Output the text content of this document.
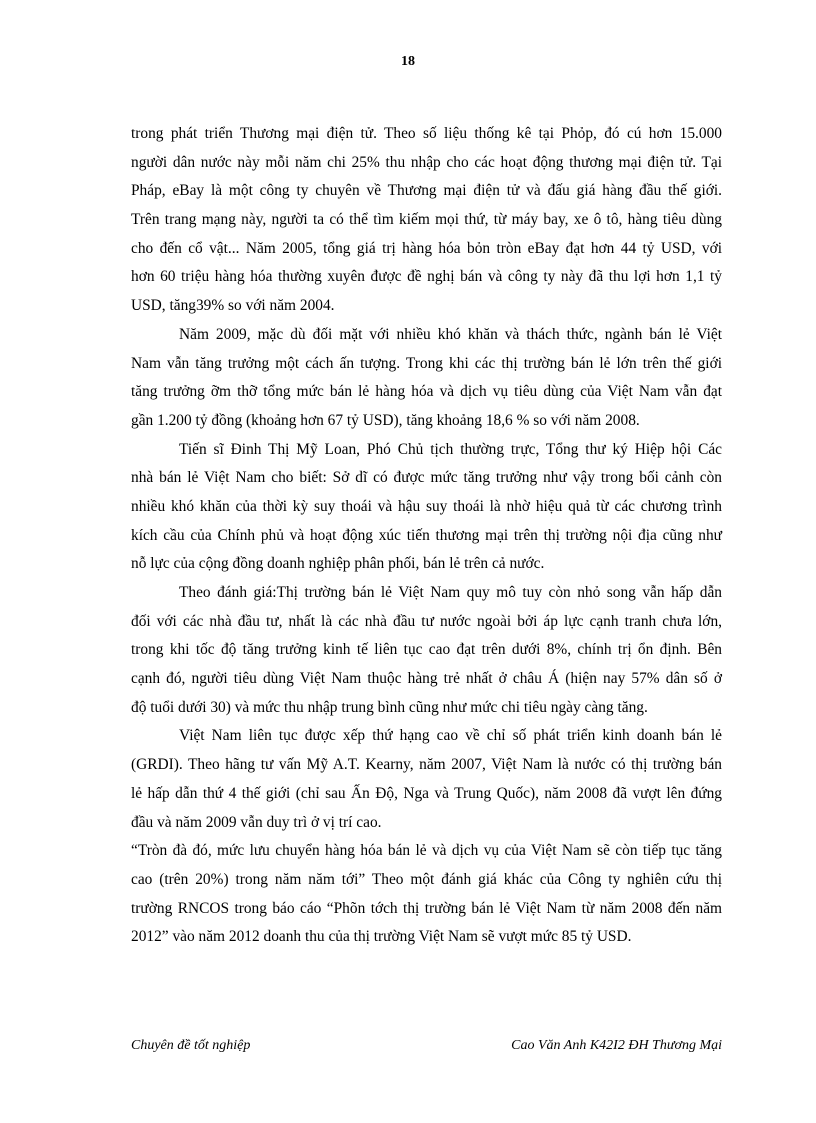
18
trong phát triển Thương mại điện tử. Theo số liệu thống kê tại Phỏp, đó cú hơn 15.000
người dân nước này mỗi năm chi 25% thu nhập cho các hoạt động thương mại điện tử. Tại
Pháp, eBay là một công ty chuyên về Thương mại điện tử và đấu giá hàng đầu thế giới.
Trên trang mạng này, người ta có thể tìm kiếm mọi thứ, từ máy bay, xe ô tô, hàng tiêu dùng
cho đến cổ vật... Năm 2005, tổng giá trị hàng hóa bỏn tròn eBay đạt hơn 44 tỷ USD, với
hơn 60 triệu hàng hóa thường xuyên được đề nghị bán và công ty này đã thu lợi hơn 1,1 tỷ
USD, tăng39% so với năm 2004.
Năm 2009, mặc dù đối mặt với nhiều khó khăn và thách thức, ngành bán lẻ Việt
Nam vẫn tăng trưởng một cách ấn tượng. Trong khi các thị trường bán lẻ lớn trên thế giới
tăng trưởng ỡm thỡ tổng mức bán lẻ hàng hóa và dịch vụ tiêu dùng của Việt Nam vẫn đạt
gần 1.200 tỷ đồng (khoảng hơn 67 tỷ USD), tăng khoảng 18,6 % so với năm 2008.
Tiến sĩ Đinh Thị Mỹ Loan, Phó Chủ tịch thường trực, Tổng thư ký Hiệp hội Các
nhà bán lẻ Việt Nam cho biết: Sở dĩ có được mức tăng trưởng như vậy trong bối cảnh còn
nhiều khó khăn của thời kỳ suy thoái và hậu suy thoái là nhờ hiệu quả từ các chương trình
kích cầu của Chính phủ và hoạt động xúc tiến thương mại trên thị trường nội địa cũng như
nỗ lực của cộng đồng doanh nghiệp phân phối, bán lẻ trên cả nước.
Theo đánh giá:Thị trường bán lẻ Việt Nam quy mô tuy còn nhỏ song vẫn hấp dẫn
đối với các nhà đầu tư, nhất là các nhà đầu tư nước ngoài bởi áp lực cạnh tranh chưa lớn,
trong khi tốc độ tăng trưởng kinh tế liên tục cao đạt trên dưới 8%, chính trị ổn định. Bên
cạnh đó, người tiêu dùng Việt Nam thuộc hàng trẻ nhất ở châu Á (hiện nay 57% dân số ở
độ tuổi dưới 30) và mức thu nhập trung bình cũng như mức chi tiêu ngày càng tăng.
Việt Nam liên tục được xếp thứ hạng cao về chỉ số phát triển kinh doanh bán lẻ
(GRDI). Theo hãng tư vấn Mỹ A.T. Kearny, năm 2007, Việt Nam là nước có thị trường bán
lẻ hấp dẫn thứ 4 thế giới (chỉ sau Ấn Độ, Nga và Trung Quốc), năm 2008 đã vượt lên đứng
đầu và năm 2009 vẫn duy trì ở vị trí cao.
“Tròn đà đó, mức lưu chuyển hàng hóa bán lẻ và dịch vụ của Việt Nam sẽ còn tiếp tục tăng
cao (trên 20%) trong năm năm tới” Theo một đánh giá khác của Công ty nghiên cứu thị
trường RNCOS trong báo cáo “Phõn tớch thị trường bán lẻ Việt Nam từ năm 2008 đến năm
2012” vào năm 2012 doanh thu của thị trường Việt Nam sẽ vượt mức 85 tỷ USD.
Chuyên đề tốt nghiệp	Cao Văn Anh K42I2 ĐH Thương Mại
